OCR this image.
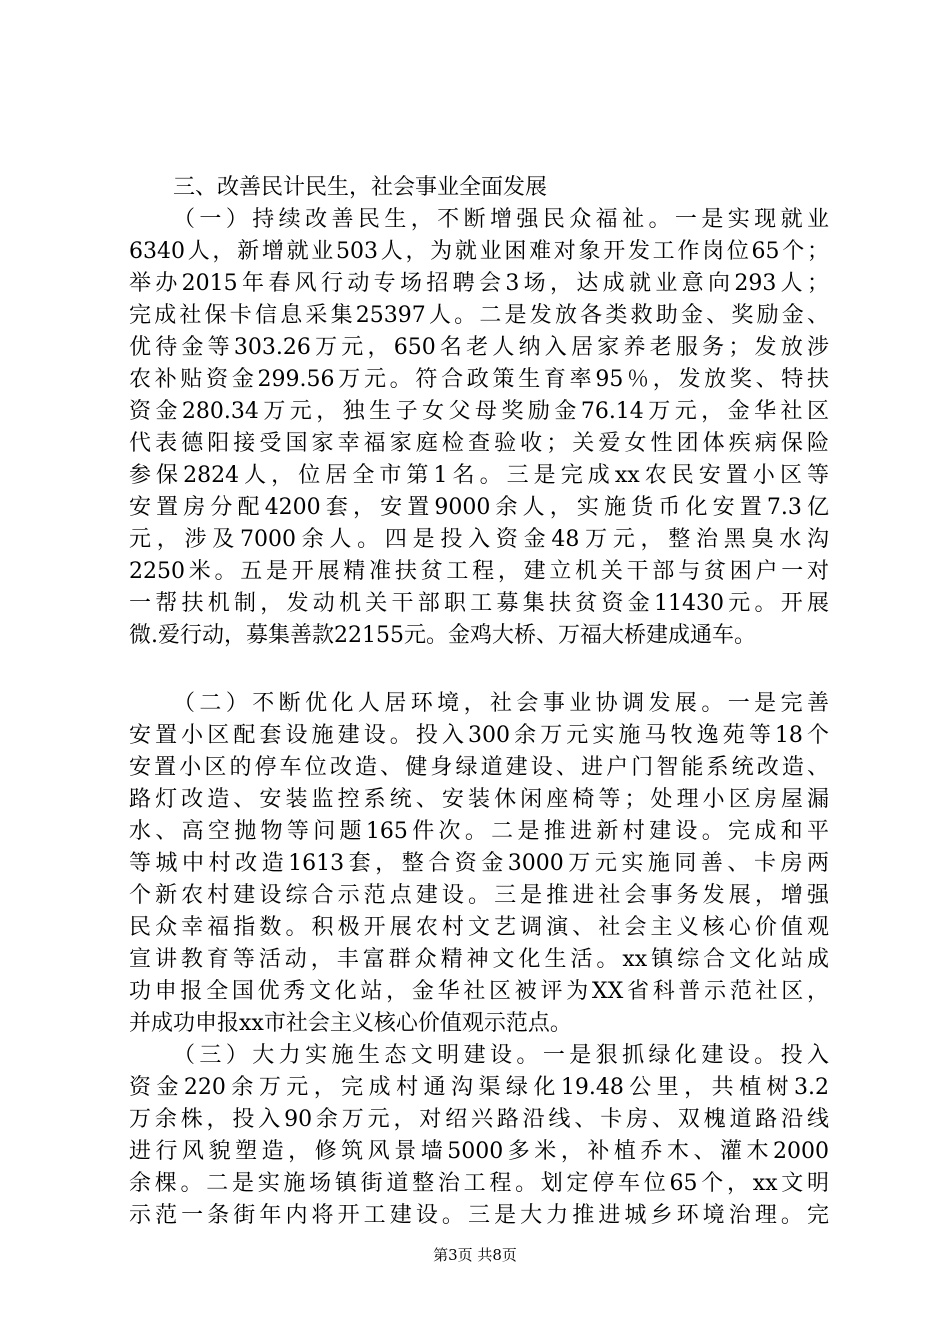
三、改善民计民生，社会事业全面发展

（一）持续改善民生，不断增强民众福祉。一是实现就业
6340人，新增就业503人，为就业困难对象开发工作岗位65个；
举办2015年春风行动专场招聘会3场，达成就业意向293人；
完成社保卡信息采集25397人。二是发放各类救助金、奖励金、
优待金等303.26万元，650名老人纳入居家养老服务；发放涉
农补贴资金299.56万元。符合政策生育率95％，发放奖、特扶
资金280.34万元，独生子女父母奖励金76.14万元，金华社区
代表德阳接受国家幸福家庭检查验收；关爱女性团体疾病保险
参保2824人，位居全市第1名。三是完成xx农民安置小区等
安置房分配4200套，安置9000余人，实施货币化安置7.3亿
元，涉及7000余人。四是投入资金48万元，整治黑臭水沟
2250米。五是开展精准扶贫工程，建立机关干部与贫困户一对
一帮扶机制，发动机关干部职工募集扶贫资金11430元。开展
微.爱行动，募集善款22155元。金鸡大桥、万福大桥建成通车。
（二）不断优化人居环境，社会事业协调发展。一是完善
安置小区配套设施建设。投入300余万元实施马牧逸苑等18个
安置小区的停车位改造、健身绿道建设、进户门智能系统改造、
路灯改造、安装监控系统、安装休闲座椅等；处理小区房屋漏
水、高空抛物等问题165件次。二是推进新村建设。完成和平
等城中村改造1613套，整合资金3000万元实施同善、卡房两
个新农村建设综合示范点建设。三是推进社会事务发展，增强
民众幸福指数。积极开展农村文艺调演、社会主义核心价值观
宣讲教育等活动，丰富群众精神文化生活。xx镇综合文化站成
功申报全国优秀文化站，金华社区被评为XX省科普示范社区，
并成功申报xx市社会主义核心价值观示范点。
（三）大力实施生态文明建设。一是狠抓绿化建设。投入
资金220余万元，完成村通沟渠绿化19.48公里，共植树3.2
万余株，投入90余万元，对绍兴路沿线、卡房、双槐道路沿线
进行风貌塑造，修筑风景墙5000多米，补植乔木、灌木2000
余棵。二是实施场镇街道整治工程。划定停车位65个，xx文明
示范一条街年内将开工建设。三是大力推进城乡环境治理。完
第3页 共8页
